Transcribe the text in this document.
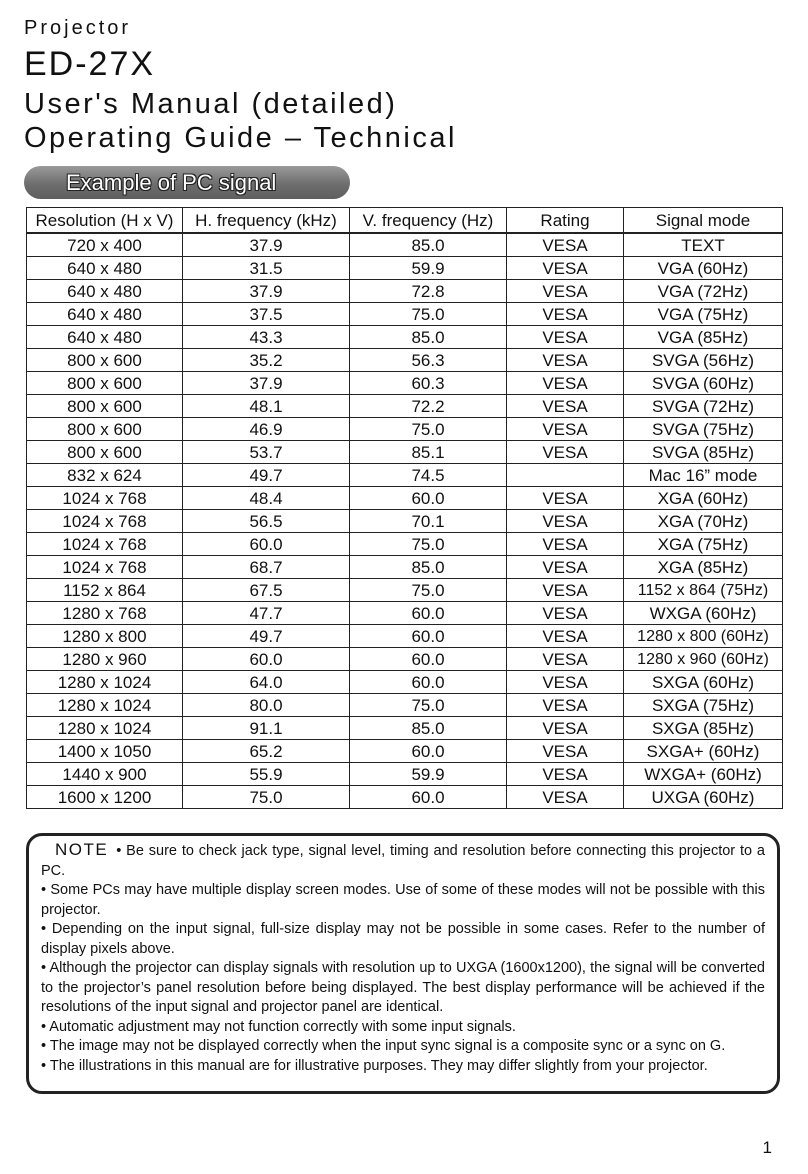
Projector
ED-27X
User's Manual (detailed)
Operating Guide – Technical
Example of PC signal
Resolution (H x V)	H. frequency (kHz)	V. frequency (Hz)	Rating	Signal mode
720 x 400	37.9	85.0	VESA	TEXT
640 x 480	31.5	59.9	VESA	VGA (60Hz)
640 x 480	37.9	72.8	VESA	VGA (72Hz)
640 x 480	37.5	75.0	VESA	VGA (75Hz)
640 x 480	43.3	85.0	VESA	VGA (85Hz)
800 x 600	35.2	56.3	VESA	SVGA (56Hz)
800 x 600	37.9	60.3	VESA	SVGA (60Hz)
800 x 600	48.1	72.2	VESA	SVGA (72Hz)
800 x 600	46.9	75.0	VESA	SVGA (75Hz)
800 x 600	53.7	85.1	VESA	SVGA (85Hz)
832 x 624	49.7	74.5		Mac 16” mode
1024 x 768	48.4	60.0	VESA	XGA (60Hz)
1024 x 768	56.5	70.1	VESA	XGA (70Hz)
1024 x 768	60.0	75.0	VESA	XGA (75Hz)
1024 x 768	68.7	85.0	VESA	XGA (85Hz)
1152 x 864	67.5	75.0	VESA	1152 x 864 (75Hz)
1280 x 768	47.7	60.0	VESA	WXGA (60Hz)
1280 x 800	49.7	60.0	VESA	1280 x 800 (60Hz)
1280 x 960	60.0	60.0	VESA	1280 x 960 (60Hz)
1280 x 1024	64.0	60.0	VESA	SXGA (60Hz)
1280 x 1024	80.0	75.0	VESA	SXGA (75Hz)
1280 x 1024	91.1	85.0	VESA	SXGA (85Hz)
1400 x 1050	65.2	60.0	VESA	SXGA+ (60Hz)
1440 x 900	55.9	59.9	VESA	WXGA+ (60Hz)
1600 x 1200	75.0	60.0	VESA	UXGA (60Hz)

NOTE • Be sure to check jack type, signal level, timing and resolution before connecting this projector to a PC.

• Some PCs may have multiple display screen modes. Use of some of these modes will not be possible with this projector.

• Depending on the input signal, full-size display may not be possible in some cases. Refer to the number of display pixels above.

• Although the projector can display signals with resolution up to UXGA (1600x1200), the signal will be converted to the projector’s panel resolution before being displayed. The best display performance will be achieved if the resolutions of the input signal and projector panel are identical.

• Automatic adjustment may not function correctly with some input signals.

• The image may not be displayed correctly when the input sync signal is a composite sync or a sync on G.

• The illustrations in this manual are for illustrative purposes. They may differ slightly from your projector.

1
